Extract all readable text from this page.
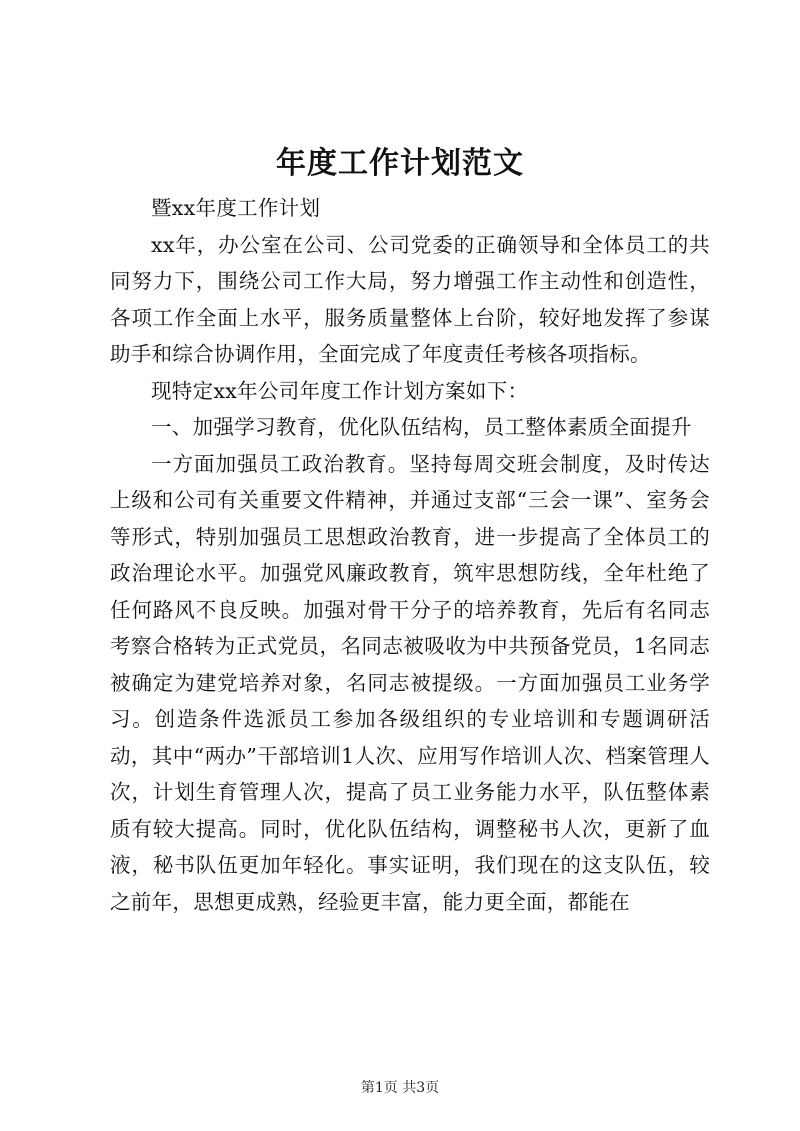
年度工作计划范文

暨xx年度工作计划

xx年，办公室在公司、公司党委的正确领导和全体员工的共同努力下，围绕公司工作大局，努力增强工作主动性和创造性，各项工作全面上水平，服务质量整体上台阶，较好地发挥了参谋助手和综合协调作用，全面完成了年度责任考核各项指标。

现特定xx年公司年度工作计划方案如下：

一、加强学习教育，优化队伍结构，员工整体素质全面提升

一方面加强员工政治教育。坚持每周交班会制度，及时传达上级和公司有关重要文件精神，并通过支部“三会一课”、室务会等形式，特别加强员工思想政治教育，进一步提高了全体员工的政治理论水平。加强党风廉政教育，筑牢思想防线，全年杜绝了任何路风不良反映。加强对骨干分子的培养教育，先后有名同志考察合格转为正式党员，名同志被吸收为中共预备党员，1名同志被确定为建党培养对象，名同志被提级。一方面加强员工业务学习。创造条件选派员工参加各级组织的专业培训和专题调研活动，其中“两办”干部培训1人次、应用写作培训人次、档案管理人次，计划生育管理人次，提高了员工业务能力水平，队伍整体素质有较大提高。同时，优化队伍结构，调整秘书人次，更新了血液，秘书队伍更加年轻化。事实证明，我们现在的这支队伍，较之前年，思想更成熟，经验更丰富，能力更全面，都能在

第1页 共3页
